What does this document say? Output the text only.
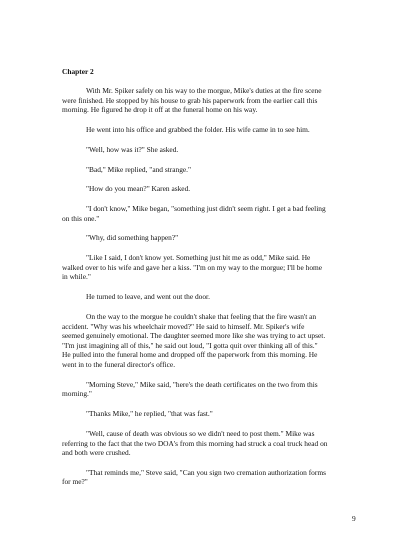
Chapter 2

With Mr. Spiker safely on his way to the morgue, Mike's duties at the fire scene
were finished. He stopped by his house to grab his paperwork from the earlier call this
morning. He figured he drop it off at the funeral home on his way.

He went into his office and grabbed the folder. His wife came in to see him.

"Well, how was it?" She asked.

"Bad," Mike replied, "and strange."

"How do you mean?" Karen asked.

"I don't know," Mike began, "something just didn't seem right. I get a bad feeling
on this one."

"Why, did something happen?"

"Like I said, I don't know yet. Something just hit me as odd," Mike said. He
walked over to his wife and gave her a kiss. "I'm on my way to the morgue; I'll be home
in while."

He turned to leave, and went out the door.

On the way to the morgue he couldn't shake that feeling that the fire wasn't an
accident. "Why was his wheelchair moved?" He said to himself. Mr. Spiker's wife
seemed genuinely emotional. The daughter seemed more like she was trying to act upset.
"I'm just imagining all of this," he said out loud, "I gotta quit over thinking all of this."
He pulled into the funeral home and dropped off the paperwork from this morning. He
went in to the funeral director's office.

"Morning Steve," Mike said, "here's the death certificates on the two from this
morning."

"Thanks Mike," he replied, "that was fast."

"Well, cause of death was obvious so we didn't need to post them." Mike was
referring to the fact that the two DOA's from this morning had struck a coal truck head on
and both were crushed.

"That reminds me," Steve said, "Can you sign two cremation authorization forms
for me?"

9
